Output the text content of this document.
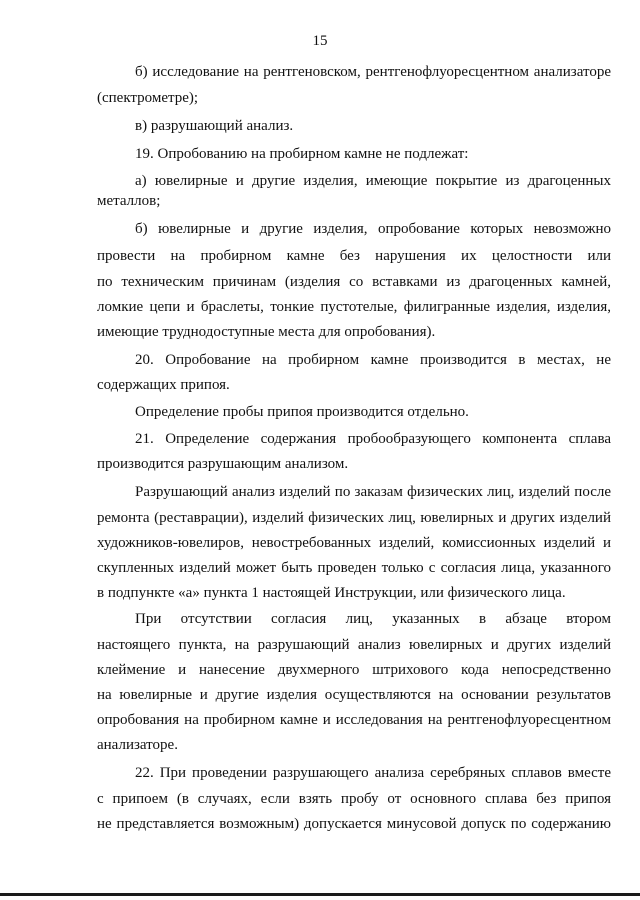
15
б) исследование на рентгеновском, рентгенофлуоресцентном анализаторе
(спектрометре);
в) разрушающий анализ.
19. Опробованию на пробирном камне не подлежат:
а) ювелирные и другие изделия, имеющие покрытие из драгоценных
металлов;
б) ювелирные и другие изделия, опробование которых невозможно
провести на пробирном камне без нарушения их целостности или
по техническим причинам (изделия со вставками из драгоценных камней,
ломкие цепи и браслеты, тонкие пустотелые, филигранные изделия, изделия,
имеющие труднодоступные места для опробования).
20. Опробование на пробирном камне производится в местах, не
содержащих припоя.
Определение пробы припоя производится отдельно.
21. Определение содержания пробообразующего компонента сплава
производится разрушающим анализом.
Разрушающий анализ изделий по заказам физических лиц, изделий после
ремонта (реставрации), изделий физических лиц, ювелирных и других изделий
художников-ювелиров, невостребованных изделий, комиссионных изделий и
скупленных изделий может быть проведен только с согласия лица, указанного
в подпункте «а» пункта 1 настоящей Инструкции, или физического лица.
При отсутствии согласия лиц, указанных в абзаце втором
настоящего пункта, на разрушающий анализ ювелирных и других изделий
клеймение и нанесение двухмерного штрихового кода непосредственно
на ювелирные и другие изделия осуществляются на основании результатов
опробования на пробирном камне и исследования на рентгенофлуоресцентном
анализаторе.
22. При проведении разрушающего анализа серебряных сплавов вместе
с припоем (в случаях, если взять пробу от основного сплава без припоя
не представляется возможным) допускается минусовой допуск по содержанию
